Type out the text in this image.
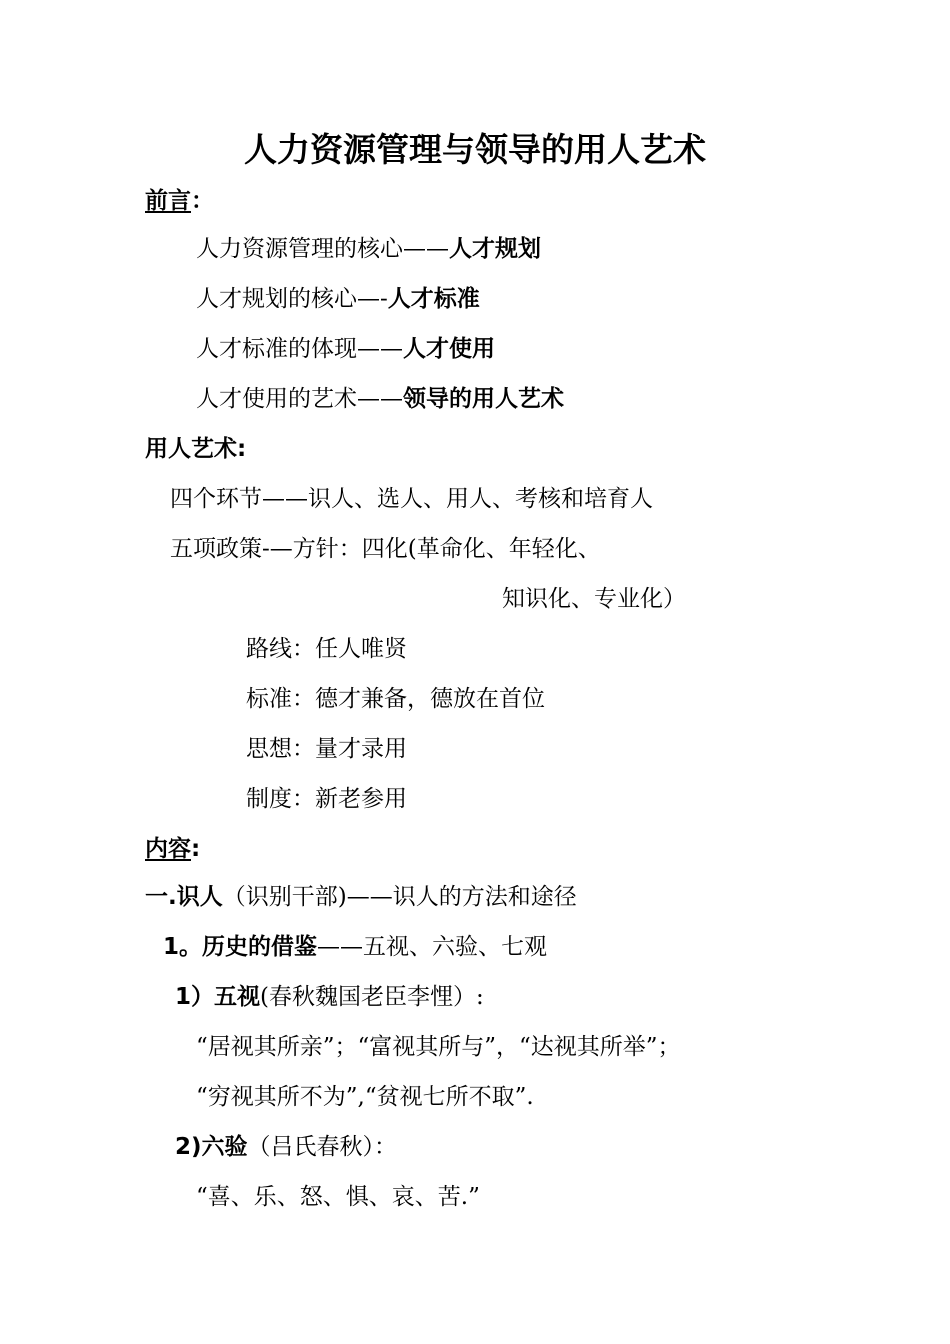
人力资源管理与领导的用人艺术
前言：
人力资源管理的核心——人才规划
人才规划的核心—-人才标准
人才标准的体现——人才使用
人才使用的艺术——领导的用人艺术
用人艺术:
四个环节——识人、选人、用人、考核和培育人
五项政策-—方针：四化(革命化、年轻化、
知识化、专业化）
路线：任人唯贤
标准：德才兼备，德放在首位
思想：量才录用
制度：新老参用
内容:
一.识人（识别干部)——识人的方法和途径
1。历史的借鉴——五视、六验、七观
1）五视(春秋魏国老臣李悝）:
“居视其所亲”；“富视其所与”，“达视其所举”；
“穷视其所不为”,“贫视七所不取”.
2)六验（吕氏春秋）：
“喜、乐、怒、惧、哀、苦.”
